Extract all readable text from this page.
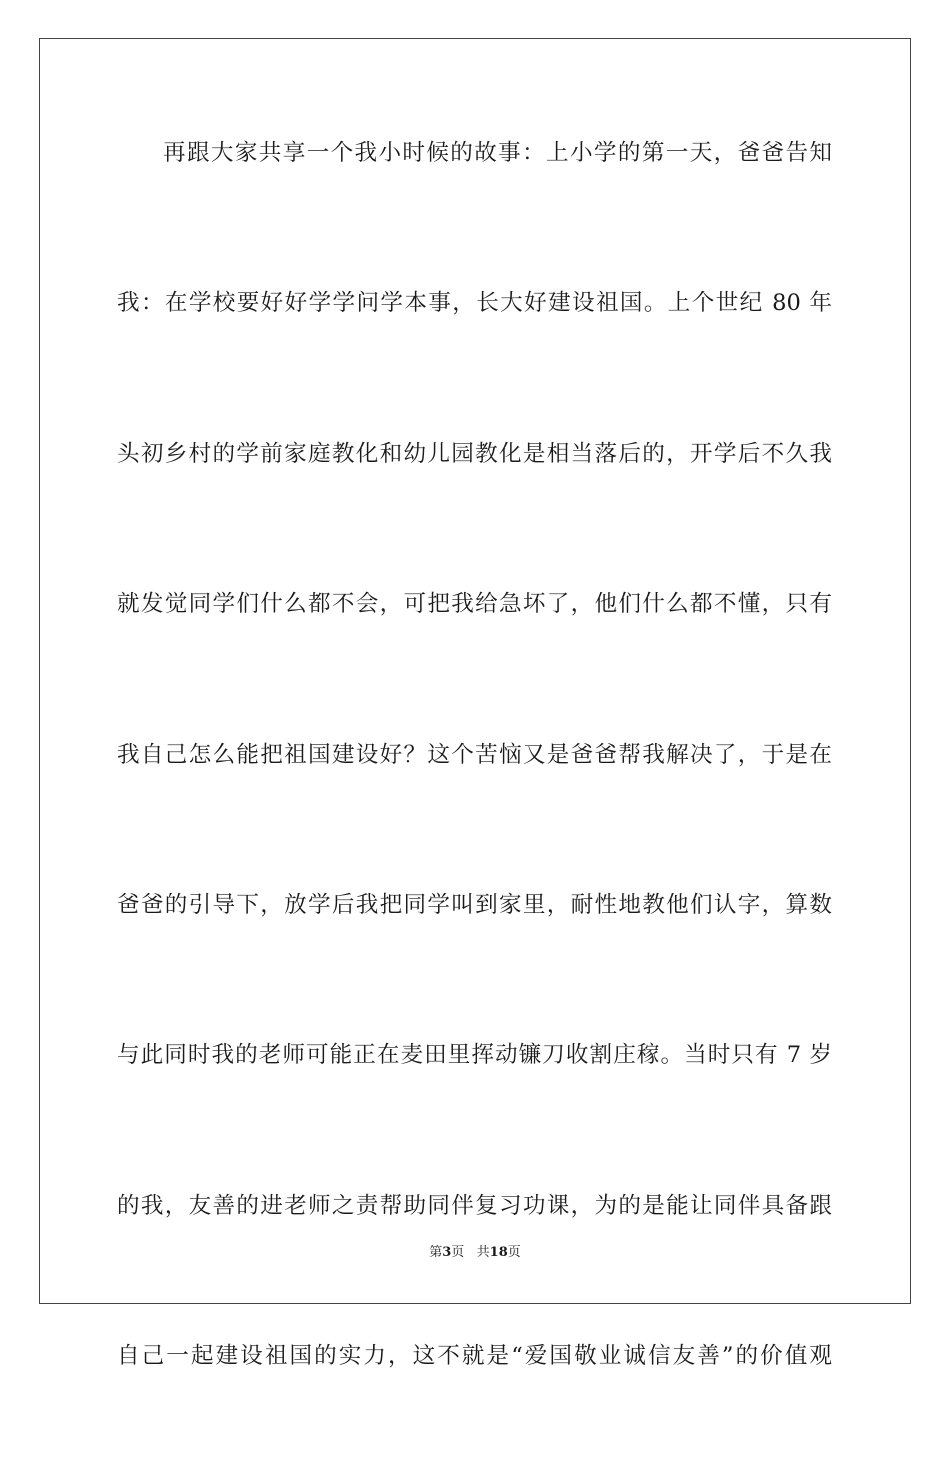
再跟大家共享一个我小时候的故事：上小学的第一天，爸爸告知
我：在学校要好好学学问学本事，长大好建设祖国。上个世纪 80 年
头初乡村的学前家庭教化和幼儿园教化是相当落后的，开学后不久我
就发觉同学们什么都不会，可把我给急坏了，他们什么都不懂，只有
我自己怎么能把祖国建设好？这个苦恼又是爸爸帮我解决了，于是在
爸爸的引导下，放学后我把同学叫到家里，耐性地教他们认字，算数
与此同时我的老师可能正在麦田里挥动镰刀收割庄稼。当时只有 7 岁
的我，友善的进老师之责帮助同伴复习功课，为的是能让同伴具备跟
自己一起建设祖国的实力，这不就是“爱国敬业诚信友善”的价值观
第3页   共18页
